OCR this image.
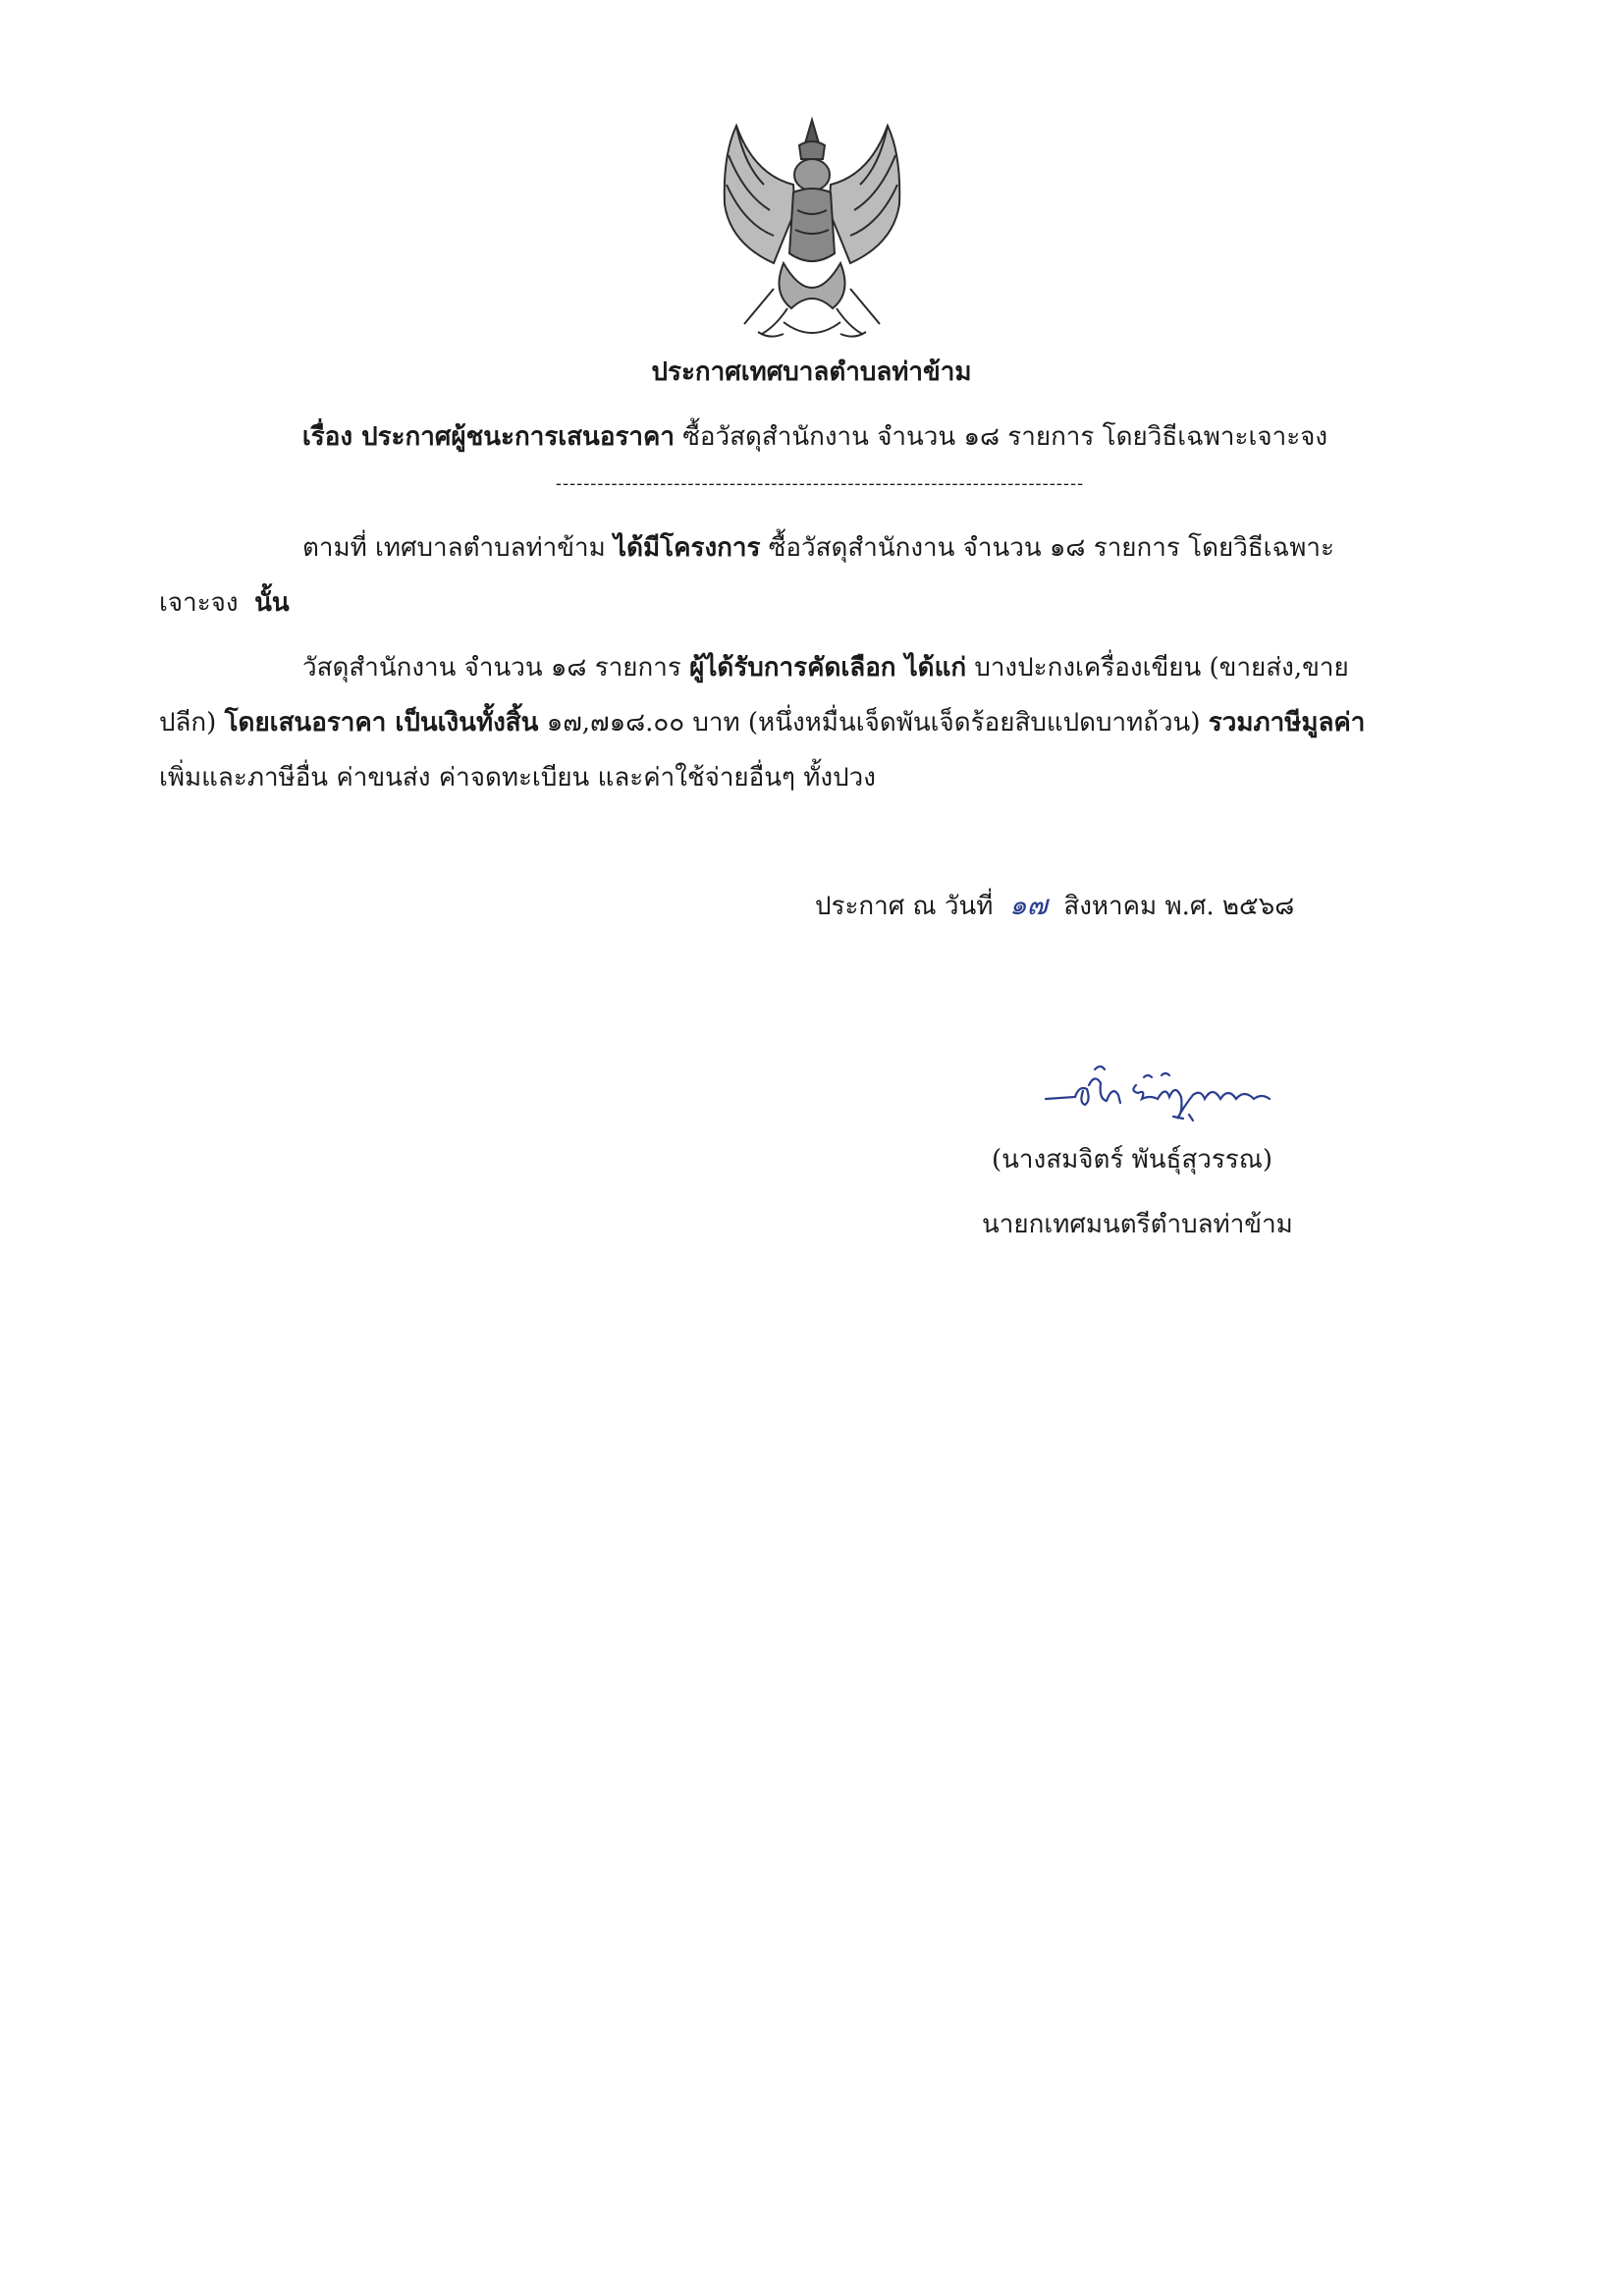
ประกาศเทศบาลตำบลท่าข้าม
เรื่อง ประกาศผู้ชนะการเสนอราคา ซื้อวัสดุสำนักงาน จำนวน ๑๘ รายการ โดยวิธีเฉพาะเจาะจง
----------------------------------------------------------------------------
ตามที่ เทศบาลตำบลท่าข้าม ได้มีโครงการ ซื้อวัสดุสำนักงาน จำนวน ๑๘ รายการ โดยวิธีเฉพาะ
เจาะจง นั้น
วัสดุสำนักงาน จำนวน ๑๘ รายการ ผู้ได้รับการคัดเลือก ได้แก่ บางปะกงเครื่องเขียน (ขายส่ง,ขาย
ปลีก) โดยเสนอราคา เป็นเงินทั้งสิ้น ๑๗,๗๑๘.๐๐ บาท (หนึ่งหมื่นเจ็ดพันเจ็ดร้อยสิบแปดบาทถ้วน) รวมภาษีมูลค่า
เพิ่มและภาษีอื่น ค่าขนส่ง ค่าจดทะเบียน และค่าใช้จ่ายอื่นๆ ทั้งปวง
ประกาศ ณ วันที่ ๑๗ สิงหาคม พ.ศ. ๒๕๖๘
(นางสมจิตร์ พันธุ์สุวรรณ)
นายกเทศมนตรีตำบลท่าข้าม
